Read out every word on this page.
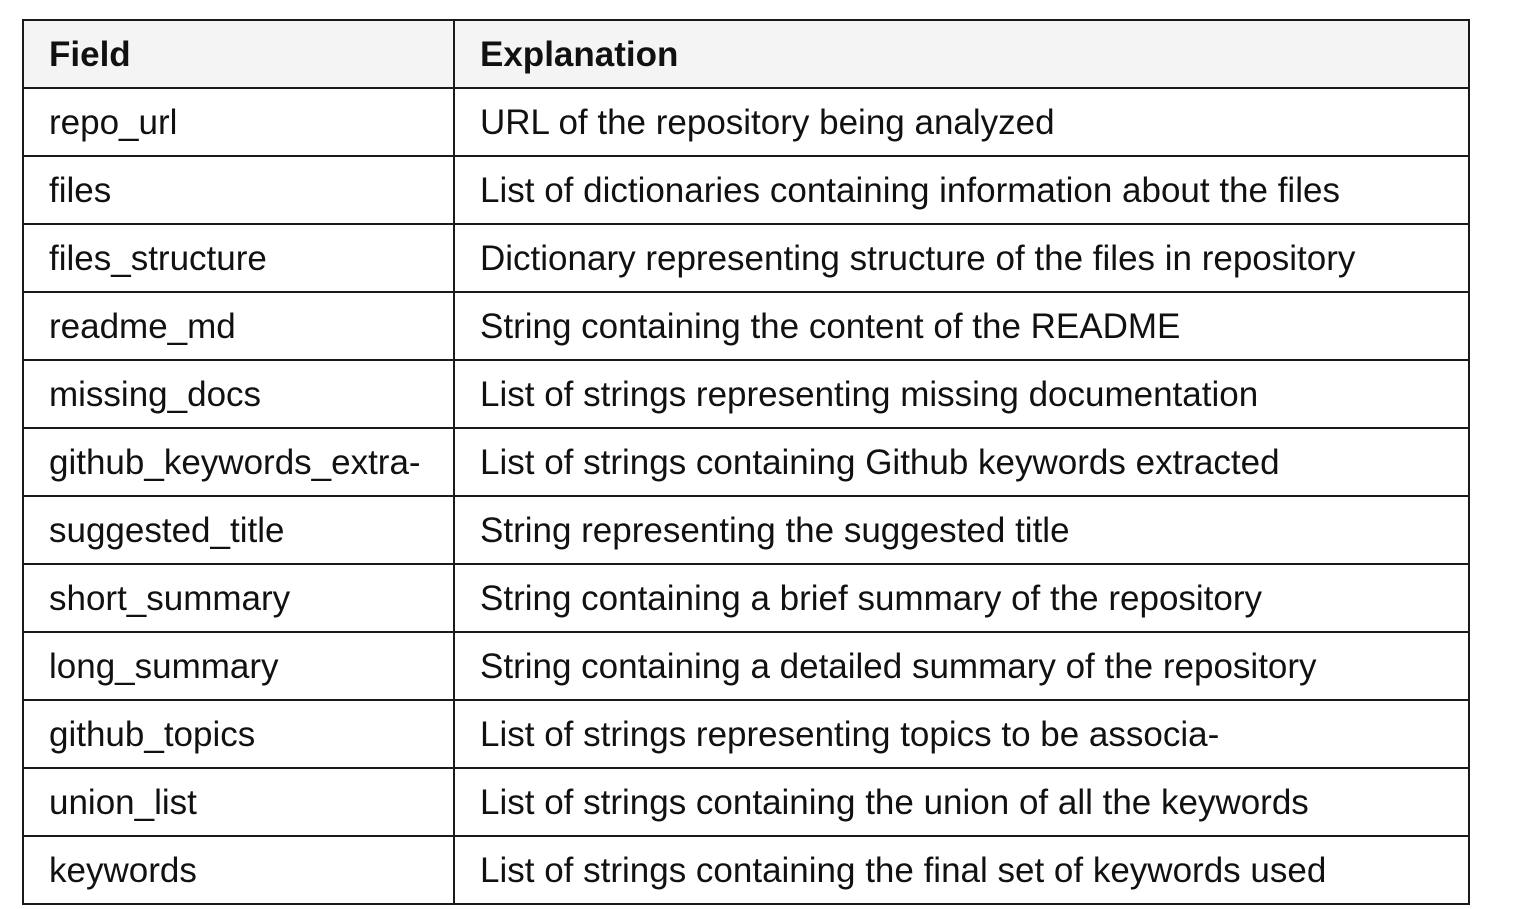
Field	Explanation
repo_url	URL of the repository being analyzed
files	List of dictionaries containing information about the files
files_structure	Dictionary representing structure of the files in repository
readme_md	String containing the content of the README
missing_docs	List of strings representing missing documentation
github_keywords_extra-	List of strings containing Github keywords extracted
suggested_title	String representing the suggested title
short_summary	String containing a brief summary of the repository
long_summary	String containing a detailed summary of the repository
github_topics	List of strings representing topics to be associa-
union_list	List of strings containing the union of all the keywords
keywords	List of strings containing the final set of keywords used
